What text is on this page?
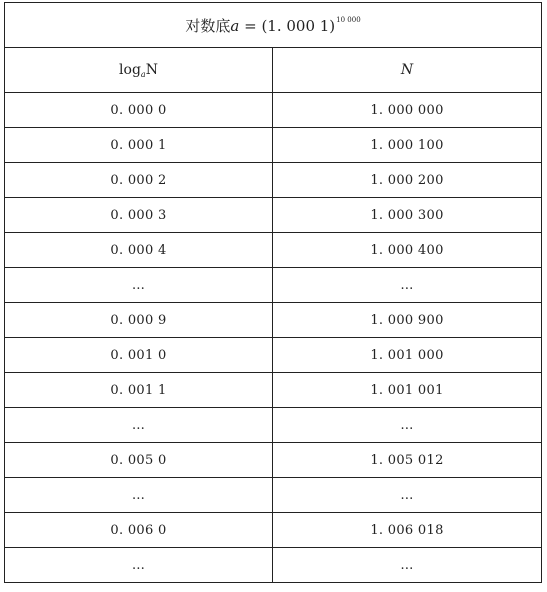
对数底a = (1. 000 1)$^{10 000}$
$\log_aN$	N
0. 000 0	1. 000 000
0. 000 1	1. 000 100
0. 000 2	1. 000 200
0. 000 3	1. 000 300
0. 000 4	1. 000 400
…	…
0. 000 9	1. 000 900
0. 001 0	1. 001 000
0. 001 1	1. 001 001
…	…
0. 005 0	1. 005 012
…	…
0. 006 0	1. 006 018
…	…
